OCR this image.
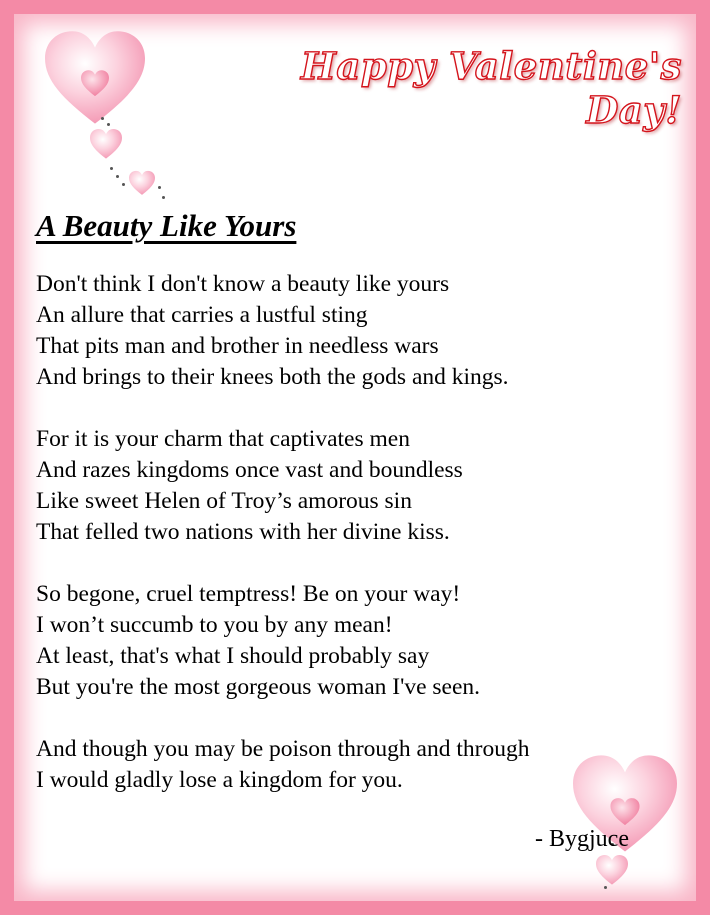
Happy Valentine's Day!
A Beauty Like Yours

Don't think I don't know a beauty like yours
An allure that carries a lustful sting
That pits man and brother in needless wars
And brings to their knees both the gods and kings.

For it is your charm that captivates men
And razes kingdoms once vast and boundless
Like sweet Helen of Troy’s amorous sin
That felled two nations with her divine kiss.

So begone, cruel temptress! Be on your way!
I won’t succumb to you by any mean!
At least, that's what I should probably say
But you're the most gorgeous woman I've seen.

And though you may be poison through and through
I would gladly lose a kingdom for you.

- Bygjuce
